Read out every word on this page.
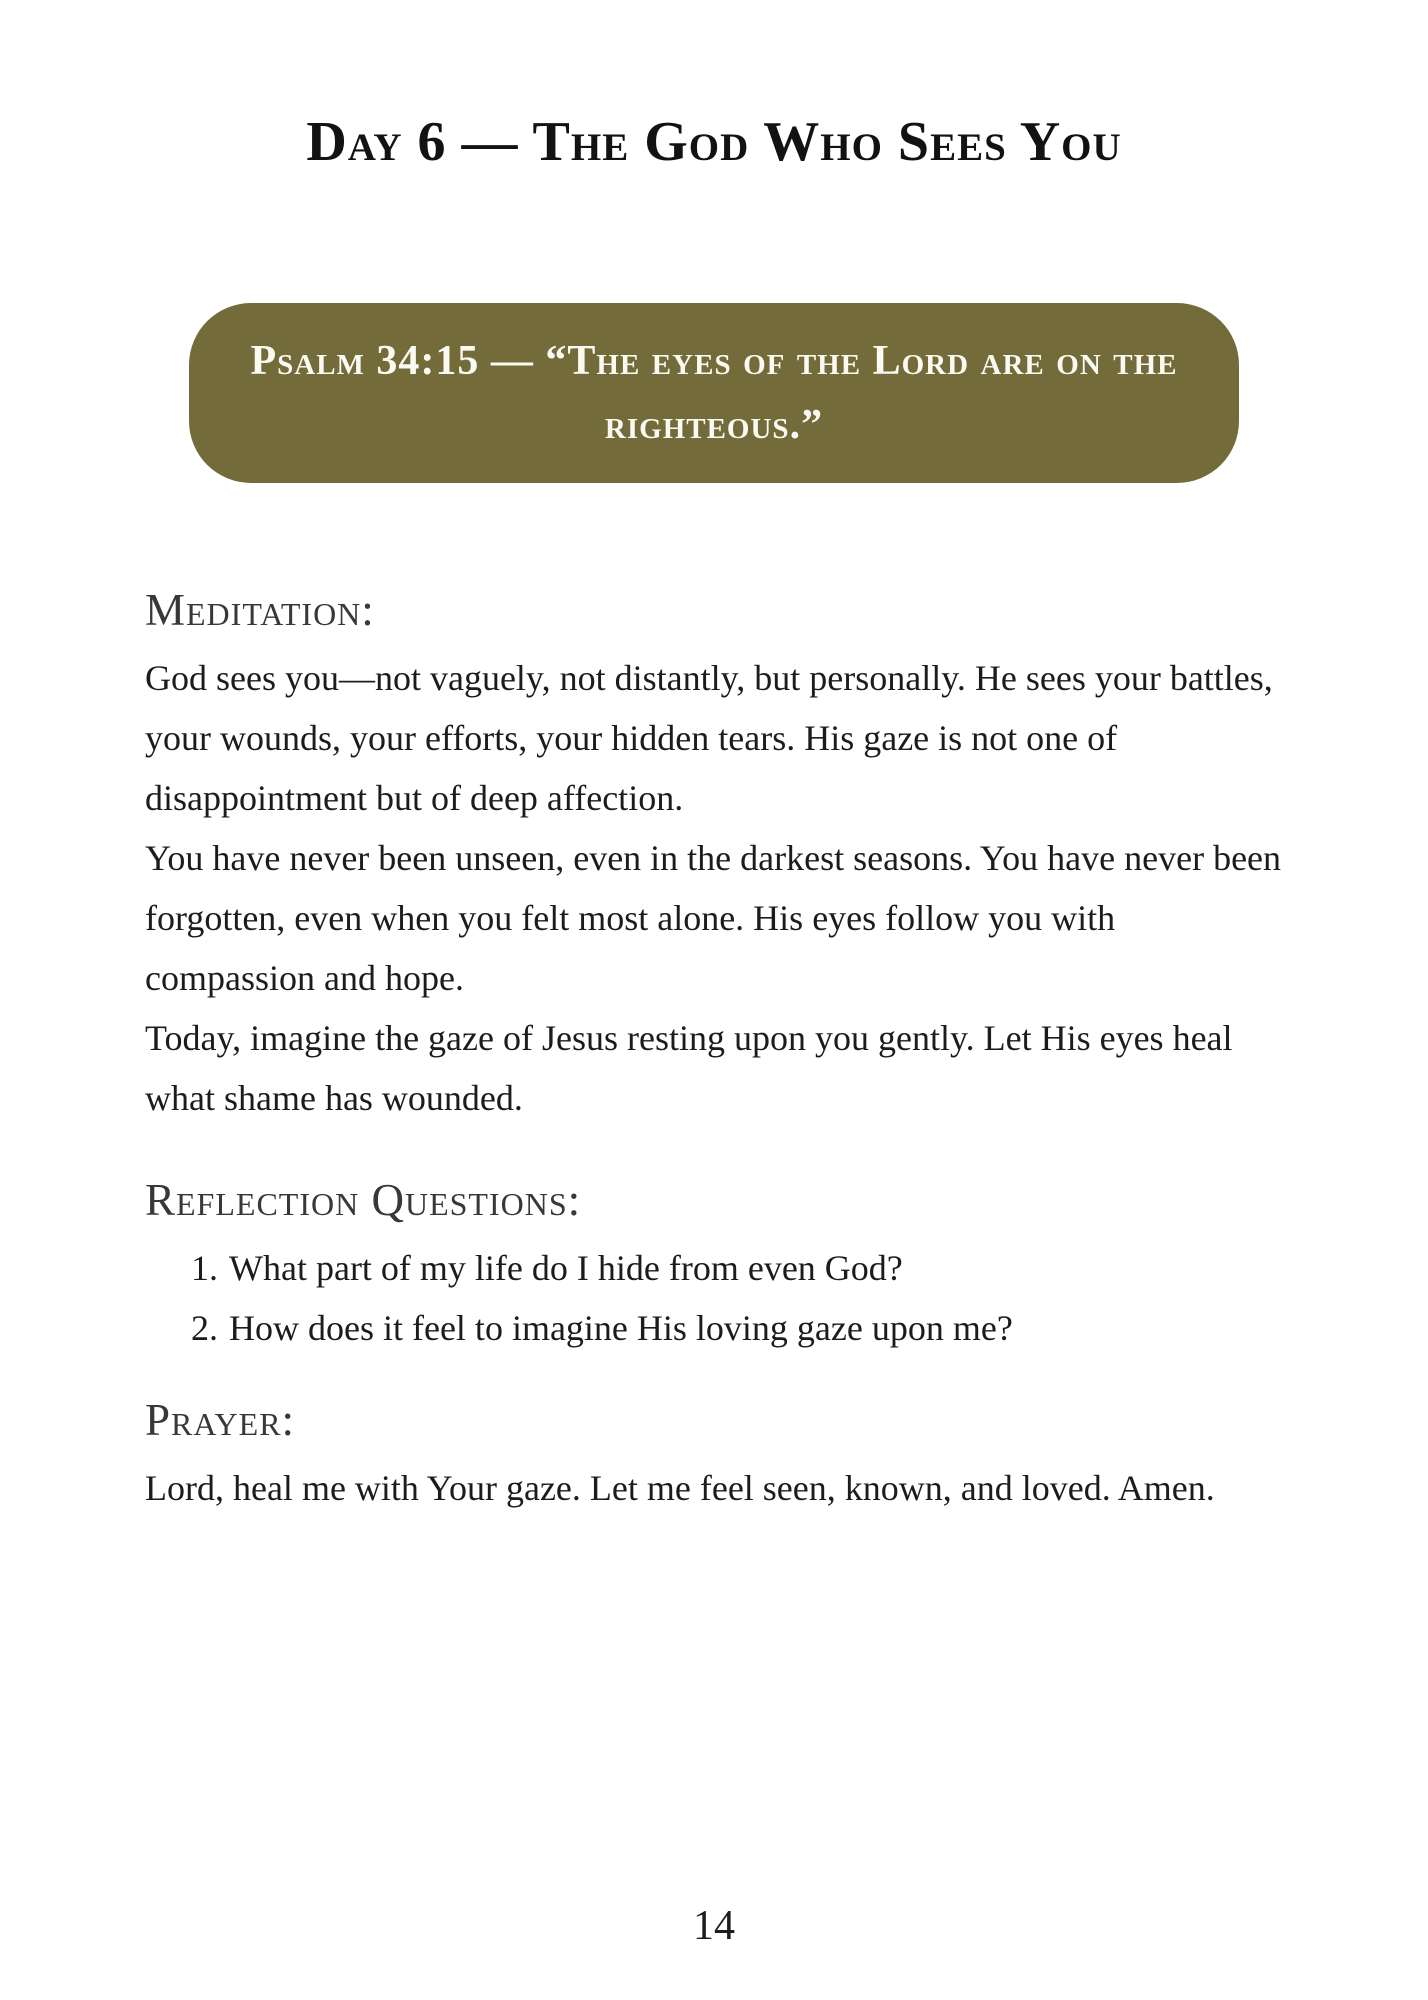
Day 6 — The God Who Sees You
Psalm 34:15 — “The eyes of the Lord are on the righteous.”
Meditation:

God sees you—not vaguely, not distantly, but personally. He sees your battles, your wounds, your efforts, your hidden tears. His gaze is not one of disappointment but of deep affection.

You have never been unseen, even in the darkest seasons. You have never been forgotten, even when you felt most alone. His eyes follow you with compassion and hope.

Today, imagine the gaze of Jesus resting upon you gently. Let His eyes heal what shame has wounded.

Reflection Questions:
1. What part of my life do I hide from even God?
2. How does it feel to imagine His loving gaze upon me?
Prayer:

Lord, heal me with Your gaze. Let me feel seen, known, and loved. Amen.

14
